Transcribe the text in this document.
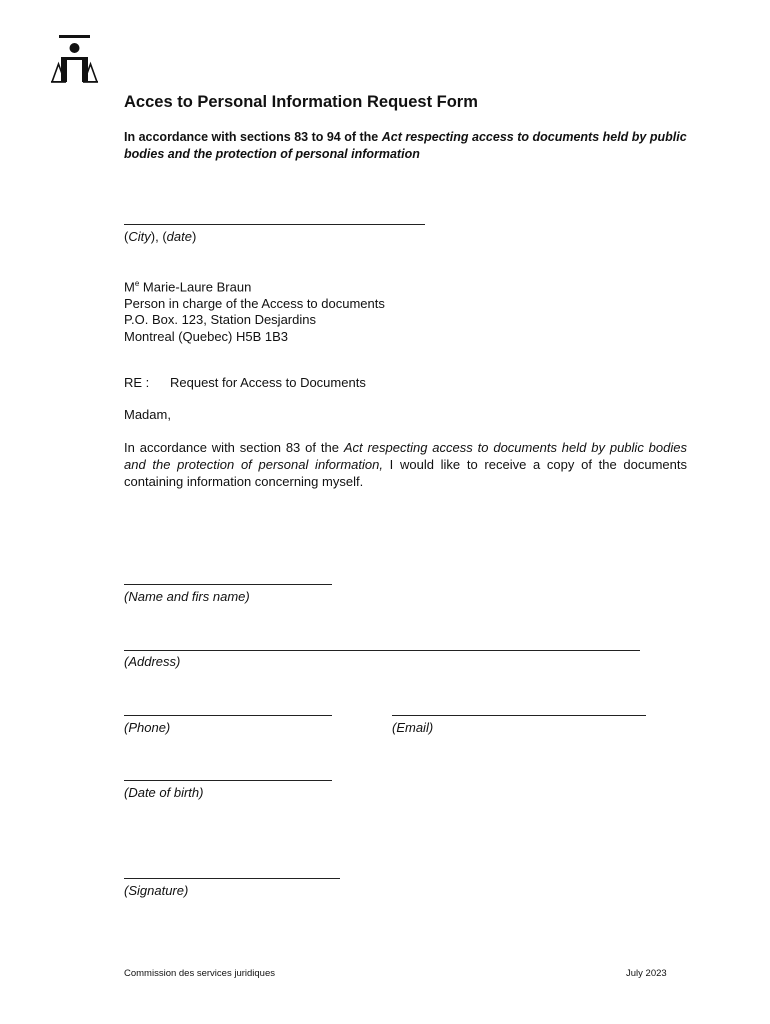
Acces to Personal Information Request Form
In accordance with sections 83 to 94 of the Act respecting access to documents held by public bodies and the protection of personal information
(City), (date)
Me Marie-Laure Braun
Person in charge of the Access to documents
P.O. Box. 123, Station Desjardins
Montreal (Quebec) H5B 1B3
RE : Request for Access to Documents
Madam,
In accordance with section 83 of the Act respecting access to documents held by public bodies and the protection of personal information, I would like to receive a copy of the documents containing information concerning myself.
(Name and firs name)
(Address)
(Phone)	(Email)
(Date of birth)
(Signature)
Commission des services juridiques	July 2023
